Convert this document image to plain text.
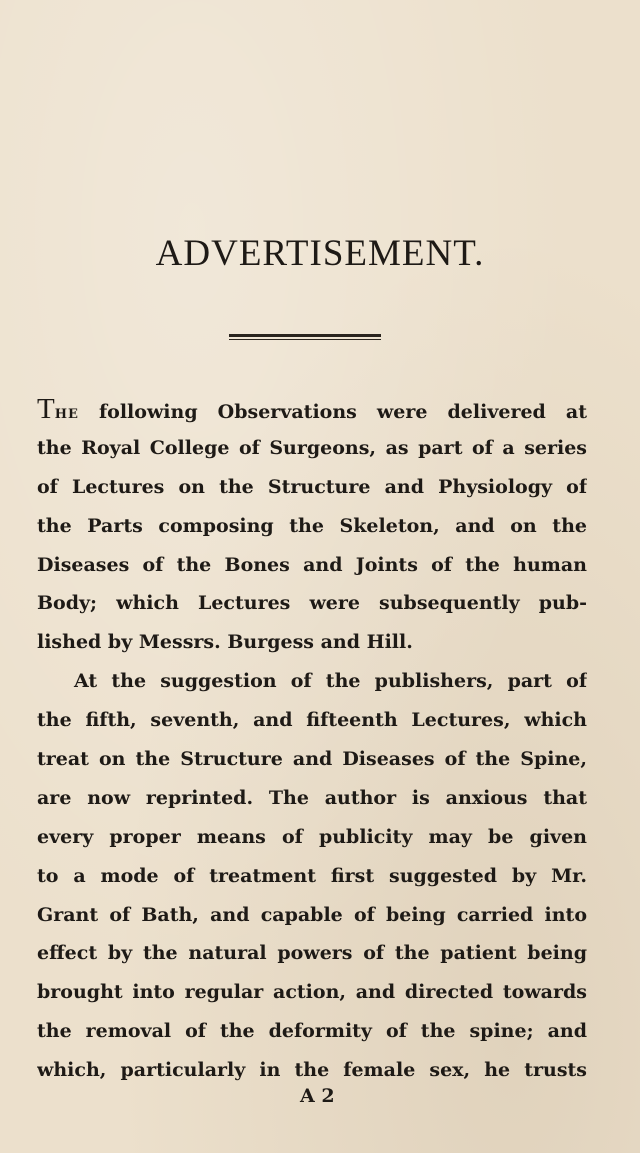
ADVERTISEMENT.
The following Observations were delivered at
the Royal College of Surgeons, as part of a series
of Lectures on the Structure and Physiology of
the Parts composing the Skeleton, and on the
Diseases of the Bones and Joints of the human
Body; which Lectures were subsequently pub-
lished by Messrs. Burgess and Hill.
At the suggestion of the publishers, part of
the fifth, seventh, and fifteenth Lectures, which
treat on the Structure and Diseases of the Spine,
are now reprinted. The author is anxious that
every proper means of publicity may be given
to a mode of treatment first suggested by Mr.
Grant of Bath, and capable of being carried into
effect by the natural powers of the patient being
brought into regular action, and directed towards
the removal of the deformity of the spine; and
which, particularly in the female sex, he trusts
A 2
